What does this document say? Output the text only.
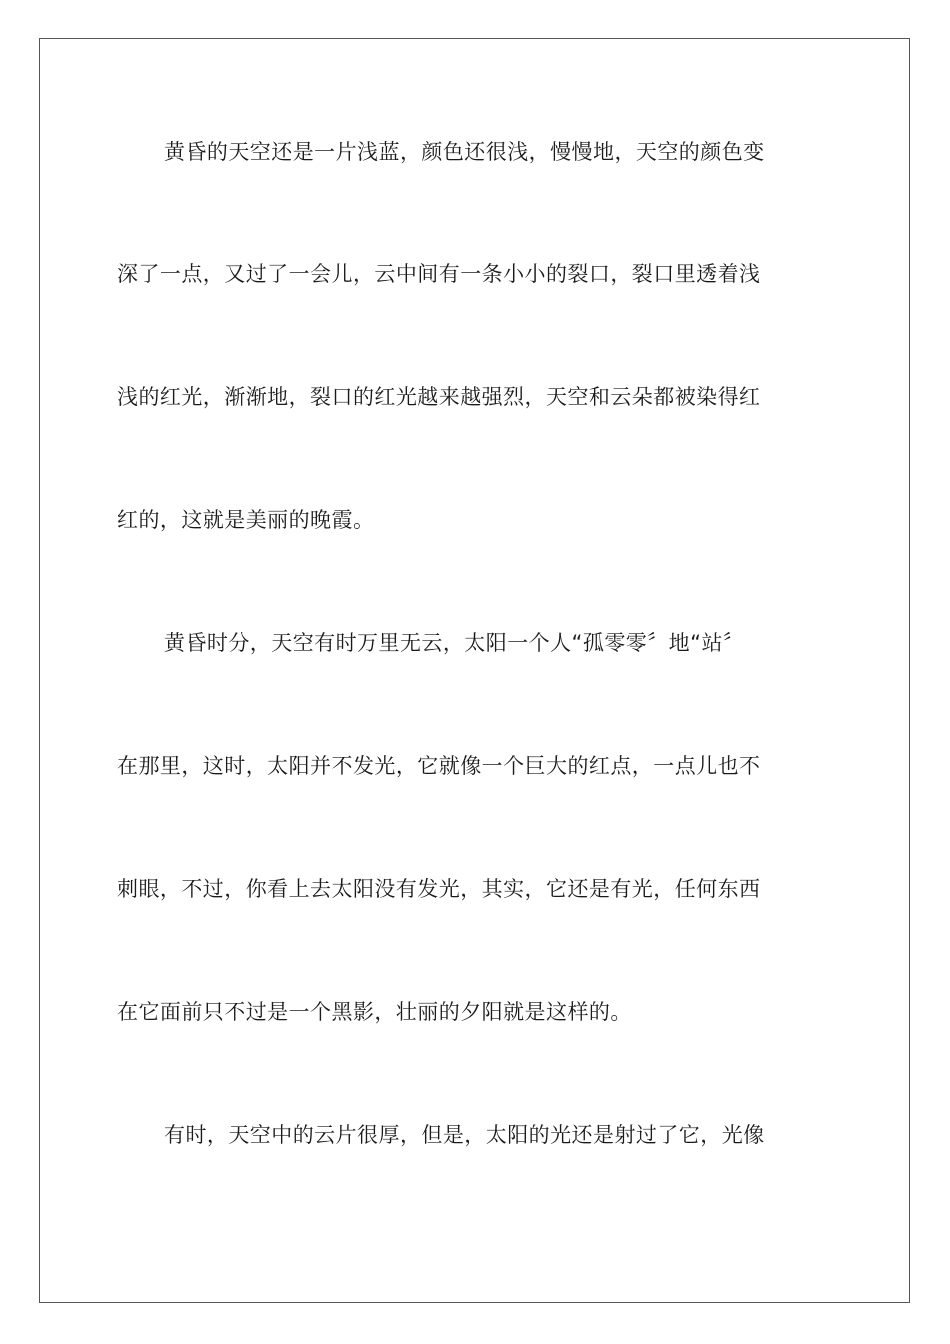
黄昏的天空还是一片浅蓝，颜色还很浅，慢慢地，天空的颜色变

深了一点，又过了一会儿，云中间有一条小小的裂口，裂口里透着浅

浅的红光，渐渐地，裂口的红光越来越强烈，天空和云朵都被染得红

红的，这就是美丽的晚霞。

黄昏时分，天空有时万里无云，太阳一个人“孤零零〞地“站〞

在那里，这时，太阳并不发光，它就像一个巨大的红点，一点儿也不

刺眼，不过，你看上去太阳没有发光，其实，它还是有光，任何东西

在它面前只不过是一个黑影，壮丽的夕阳就是这样的。

有时，天空中的云片很厚，但是，太阳的光还是射过了它，光像
